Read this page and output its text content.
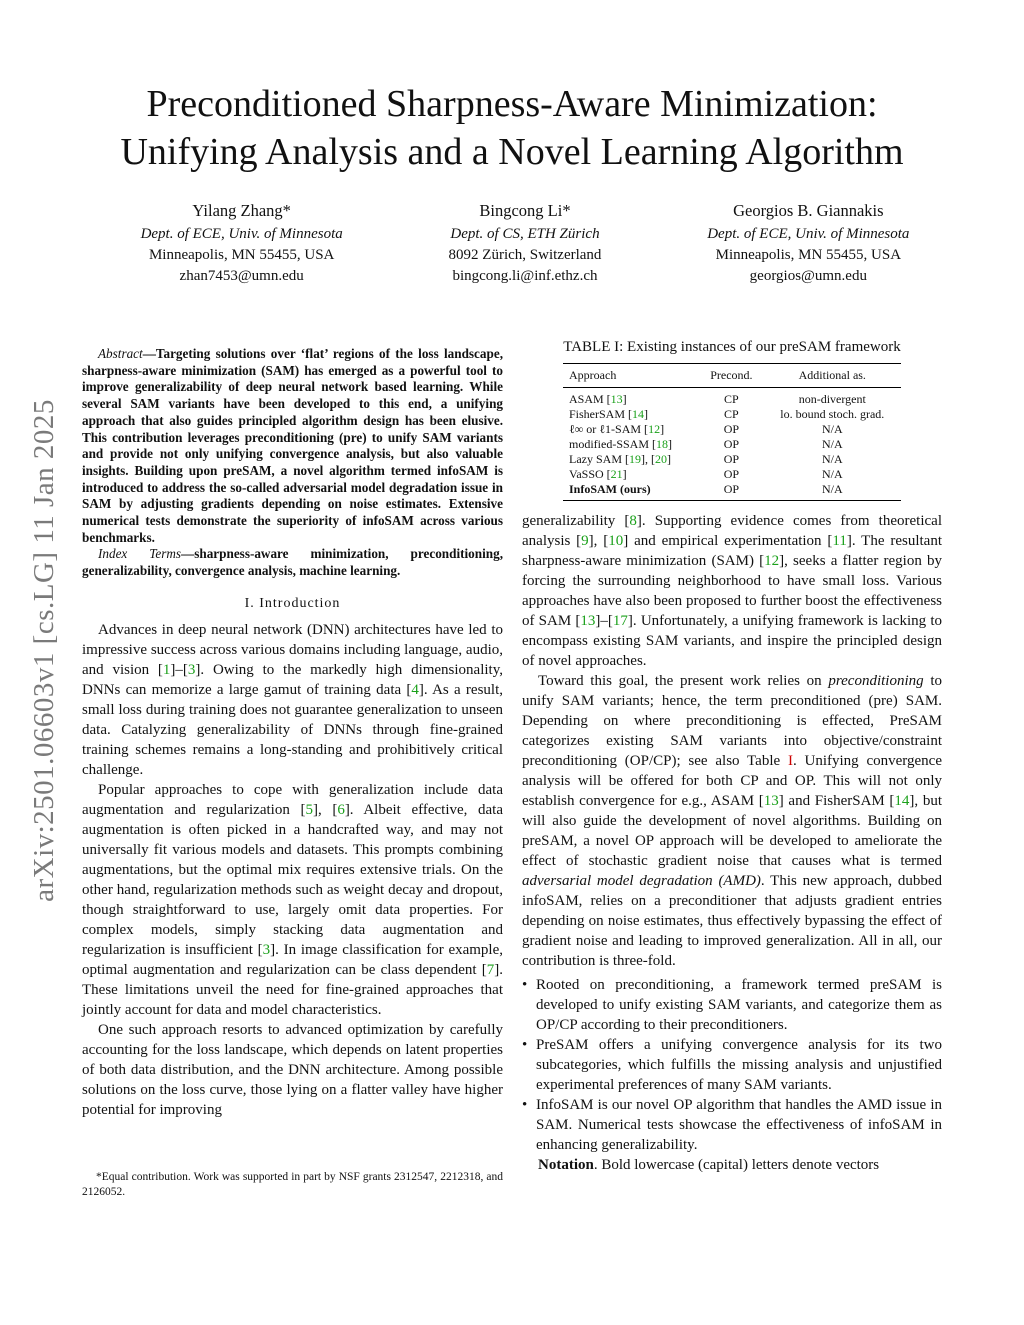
arXiv:2501.06603v1 [cs.LG] 11 Jan 2025
Preconditioned Sharpness-Aware Minimization:
Unifying Analysis and a Novel Learning Algorithm
Yilang Zhang*
Dept. of ECE, Univ. of Minnesota
Minneapolis, MN 55455, USA
zhan7453@umn.edu
Bingcong Li*
Dept. of CS, ETH Zürich
8092 Zürich, Switzerland
bingcong.li@inf.ethz.ch
Georgios B. Giannakis
Dept. of ECE, Univ. of Minnesota
Minneapolis, MN 55455, USA
georgios@umn.edu

Abstract—Targeting solutions over ‘flat’ regions of the loss landscape, sharpness-aware minimization (SAM) has emerged as a powerful tool to improve generalizability of deep neural network based learning. While several SAM variants have been developed to this end, a unifying approach that also guides principled algorithm design has been elusive. This contribution leverages preconditioning (pre) to unify SAM variants and provide not only unifying convergence analysis, but also valuable insights. Building upon preSAM, a novel algorithm termed infoSAM is introduced to address the so-called adversarial model degradation issue in SAM by adjusting gradients depending on noise estimates. Extensive numerical tests demonstrate the superiority of infoSAM across various benchmarks.

Index Terms—sharpness-aware minimization, preconditioning, generalizability, convergence analysis, machine learning.

I. Introduction

Advances in deep neural network (DNN) architectures have led to impressive success across various domains including language, audio, and vision [1]–[3]. Owing to the markedly high dimensionality, DNNs can memorize a large gamut of training data [4]. As a result, small loss during training does not guarantee generalization to unseen data. Catalyzing generalizability of DNNs through fine-grained training schemes remains a long-standing and prohibitively critical challenge.

Popular approaches to cope with generalization include data augmentation and regularization [5], [6]. Albeit effective, data augmentation is often picked in a handcrafted way, and may not universally fit various models and datasets. This prompts combining augmentations, but the optimal mix requires extensive trials. On the other hand, regularization methods such as weight decay and dropout, though straightforward to use, largely omit data properties. For complex models, simply stacking data augmentation and regularization is insufficient [3]. In image classification for example, optimal augmentation and regularization can be class dependent [7]. These limitations unveil the need for fine-grained approaches that jointly account for data and model characteristics.

One such approach resorts to advanced optimization by carefully accounting for the loss landscape, which depends on latent properties of both data distribution, and the DNN architecture. Among possible solutions on the loss curve, those lying on a flatter valley have higher potential for improving

*Equal contribution. Work was supported in part by NSF grants 2312547, 2212318, and 2126052.

TABLE I: Existing instances of our preSAM framework
Approach	Precond.	Additional as.
ASAM [13]	CP	non-divergent
FisherSAM [14]	CP	lo. bound stoch. grad.
ℓ∞ or ℓ1-SAM [12]	OP	N/A
modified-SSAM [18]	OP	N/A
Lazy SAM [19], [20]	OP	N/A
VaSSO [21]	OP	N/A
InfoSAM (ours)	OP	N/A

generalizability [8]. Supporting evidence comes from theoretical analysis [9], [10] and empirical experimentation [11]. The resultant sharpness-aware minimization (SAM) [12], seeks a flatter region by forcing the surrounding neighborhood to have small loss. Various approaches have also been proposed to further boost the effectiveness of SAM [13]–[17]. Unfortunately, a unifying framework is lacking to encompass existing SAM variants, and inspire the principled design of novel approaches.

Toward this goal, the present work relies on preconditioning to unify SAM variants; hence, the term preconditioned (pre) SAM. Depending on where preconditioning is effected, PreSAM categorizes existing SAM variants into objective/constraint preconditioning (OP/CP); see also Table I. Unifying convergence analysis will be offered for both CP and OP. This will not only establish convergence for e.g., ASAM [13] and FisherSAM [14], but will also guide the development of novel algorithms. Building on preSAM, a novel OP approach will be developed to ameliorate the effect of stochastic gradient noise that causes what is termed adversarial model degradation (AMD). This new approach, dubbed infoSAM, relies on a preconditioner that adjusts gradient entries depending on noise estimates, thus effectively bypassing the effect of gradient noise and leading to improved generalization. All in all, our contribution is three-fold.

• Rooted on preconditioning, a framework termed preSAM is developed to unify existing SAM variants, and categorize them as OP/CP according to their preconditioners.
• PreSAM offers a unifying convergence analysis for its two subcategories, which fulfills the missing analysis and unjustified experimental preferences of many SAM variants.
• InfoSAM is our novel OP algorithm that handles the AMD issue in SAM. Numerical tests showcase the effectiveness of infoSAM in enhancing generalizability.

Notation. Bold lowercase (capital) letters denote vectors
